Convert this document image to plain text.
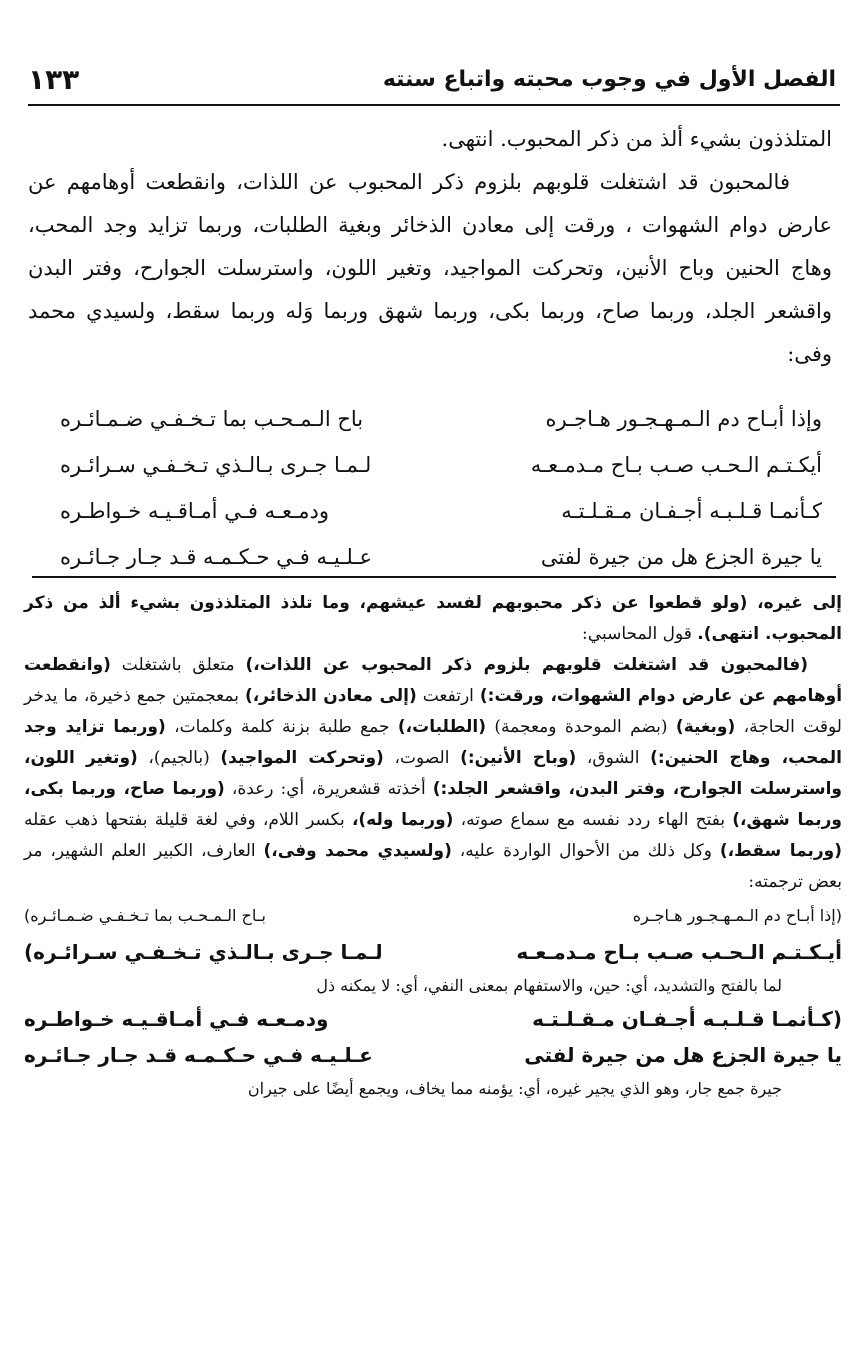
الفصل الأول في وجوب محبته واتباع سنته
١٣٣

المتلذذون بشيء ألذ من ذكر المحبوب. انتهى.

فالمحبون قد اشتغلت قلوبهم بلزوم ذكر المحبوب عن اللذات، وانقطعت أوهامهم عن عارض دوام الشهوات ، ورقت إلى معادن الذخائر وبغية الطلبات، وربما تزايد وجد المحب، وهاج الحنين وباح الأنين، وتحركت المواجيد، وتغير اللون، واسترسلت الجوارح، وفتر البدن واقشعر الجلد، وربما صاح، وربما بكى، وربما شهق وربما وَله وربما سقط، ولسيدي محمد وفى:

وإذا أبـاح دم الـمـهـجـور هـاجـره
باح الـمـحـب بما تـخـفـي ضـمـائـره
أيكـتـم الـحـب صـب بـاح مـدمـعـه
لـمـا جـرى بـالـذي تـخـفـي سـرائـره
كـأنمـا قـلـبـه أجـفـان مـقـلـتـه
ودمـعـه فـي أمـاقـيـه خـواطـره
يا جيرة الجزع هل من جيرة لفتى
عـلـيـه فـي حـكـمـه قـد جـار جـائـره

إلى غيره، (ولو قطعوا عن ذكر محبوبهم لفسد عيشهم، وما تلذذ المتلذذون بشيء ألذ من ذكر المحبوب. انتهى). قول المحاسبي:

(فالمحبون قد اشتغلت قلوبهم بلزوم ذكر المحبوب عن اللذات،) متعلق باشتغلت (وانقطعت أوهامهم عن عارض دوام الشهوات، ورقت:) ارتفعت (إلى معادن الذخائر،) بمعجمتين جمع ذخيرة، ما يدخر لوقت الحاجة، (وبغية) (بضم الموحدة ومعجمة) (الطلبات،) جمع طلبة بزنة كلمة وكلمات، (وربما تزايد وجد المحب، وهاج الحنين:) الشوق، (وباح الأنين:) الصوت، (وتحركت المواجيد) (بالجيم)، (وتغير اللون، واسترسلت الجوارح، وفتر البدن، واقشعر الجلد:) أخذته قشعريرة، أي: رعدة، (وربما صاح، وربما بكى، وربما شهق،) بفتح الهاء ردد نفسه مع سماع صوته، (وربما وله)، بكسر اللام، وفي لغة قليلة بفتحها ذهب عقله (وربما سقط،) وكل ذلك من الأحوال الواردة عليه، (ولسيدي محمد وفى،) العارف، الكبير العلم الشهير، مر بعض ترجمته:

(إذا أبـاح دم الـمـهـجـور هـاجـره
بـاح الـمـحـب بما تـخـفـي ضـمـائـره)
أيـكـتـم الـحـب صـب بـاح مـدمـعـه
لـمـا جـرى بـالـذي تـخـفـي سـرائـره)

لما بالفتح والتشديد، أي: حين، والاستفهام بمعنى النفي، أي: لا يمكنه ذل

(كـأنمـا قـلـبـه أجـفـان مـقـلـتـه
ودمـعـه فـي أمـاقـيـه خـواطـره
يا جيرة الجزع هل من جيرة لفتى
عـلـيـه فـي حـكـمـه قـد جـار جـائـره

جيرة جمع جار، وهو الذي يجير غيره، أي: يؤمنه مما يخاف، ويجمع أيضًا على جيران
